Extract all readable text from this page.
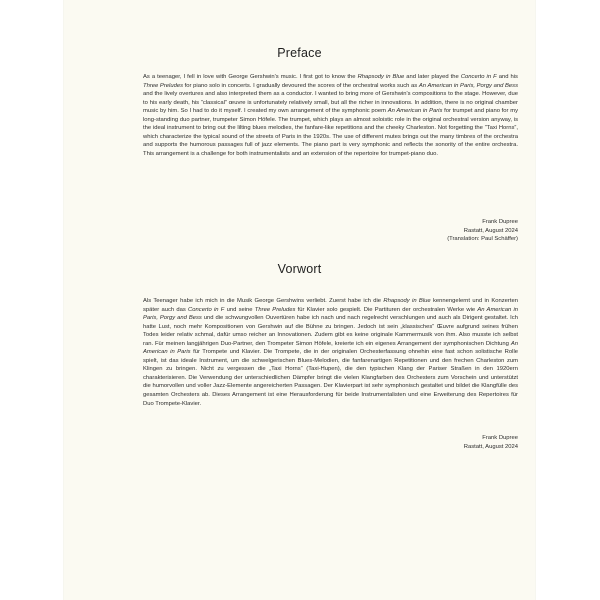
Preface

As a teenager, I fell in love with George Gershwin's music. I first got to know the Rhapsody in Blue and later played the Concerto in F and his Three Preludes for piano solo in concerts. I gradually devoured the scores of the orchestral works such as An American in Paris, Porgy and Bess and the lively overtures and also interpreted them as a conductor. I wanted to bring more of Gershwin's compositions to the stage. However, due to his early death, his “classical” œuvre is unfortunately relatively small, but all the richer in innovations. In addition, there is no original chamber music by him. So I had to do it myself. I created my own arrangement of the symphonic poem An American in Paris for trumpet and piano for my long-standing duo partner, trumpeter Simon Höfele. The trumpet, which plays an almost soloistic role in the original orchestral version anyway, is the ideal instrument to bring out the lilting blues melodies, the fanfare-like repetitions and the cheeky Charleston. Not forgetting the “Taxi Horns”, which characterize the typical sound of the streets of Paris in the 1920s. The use of different mutes brings out the many timbres of the orchestra and supports the humorous passages full of jazz elements. The piano part is very symphonic and reflects the sonority of the entire orchestra. This arrangement is a challenge for both instrumentalists and an extension of the repertoire for trumpet-piano duo.

Frank Dupree
Rastatt, August 2024
(Translation: Paul Schäffer)
Vorwort

Als Teenager habe ich mich in die Musik George Gershwins verliebt. Zuerst habe ich die Rhapsody in Blue kennengelernt und in Konzerten später auch das Concerto in F und seine Three Preludes für Klavier solo gespielt. Die Partituren der orchestralen Werke wie An American in Paris, Porgy and Bess und die schwungvollen Ouvertüren habe ich nach und nach regelrecht verschlungen und auch als Dirigent gestaltet. Ich hatte Lust, noch mehr Kompositionen von Gershwin auf die Bühne zu bringen. Jedoch ist sein „klassisches“ Œuvre aufgrund seines frühen Todes leider relativ schmal, dafür umso reicher an Innovationen. Zudem gibt es keine originale Kammermusik von ihm. Also musste ich selbst ran. Für meinen langjährigen Duo-Partner, den Trompeter Simon Höfele, kreierte ich ein eigenes Arrangement der symphonischen Dichtung An American in Paris für Trompete und Klavier. Die Trompete, die in der originalen Orchesterfassung ohnehin eine fast schon solistische Rolle spielt, ist das ideale Instrument, um die schwelgerischen Blues-Melodien, die fanfarenartigen Repetitionen und den frechen Charleston zum Klingen zu bringen. Nicht zu vergessen die „Taxi Horns“ (Taxi-Hupen), die den typischen Klang der Pariser Straßen in den 1920ern charakterisieren. Die Verwendung der unterschiedlichen Dämpfer bringt die vielen Klangfarben des Orchesters zum Vorschein und unterstützt die humorvollen und voller Jazz-Elemente angereicherten Passagen. Der Klavierpart ist sehr symphonisch gestaltet und bildet die Klangfülle des gesamten Orchesters ab. Dieses Arrangement ist eine Herausforderung für beide Instrumentalisten und eine Erweiterung des Repertoires für Duo Trompete-Klavier.

Frank Dupree
Rastatt, August 2024
